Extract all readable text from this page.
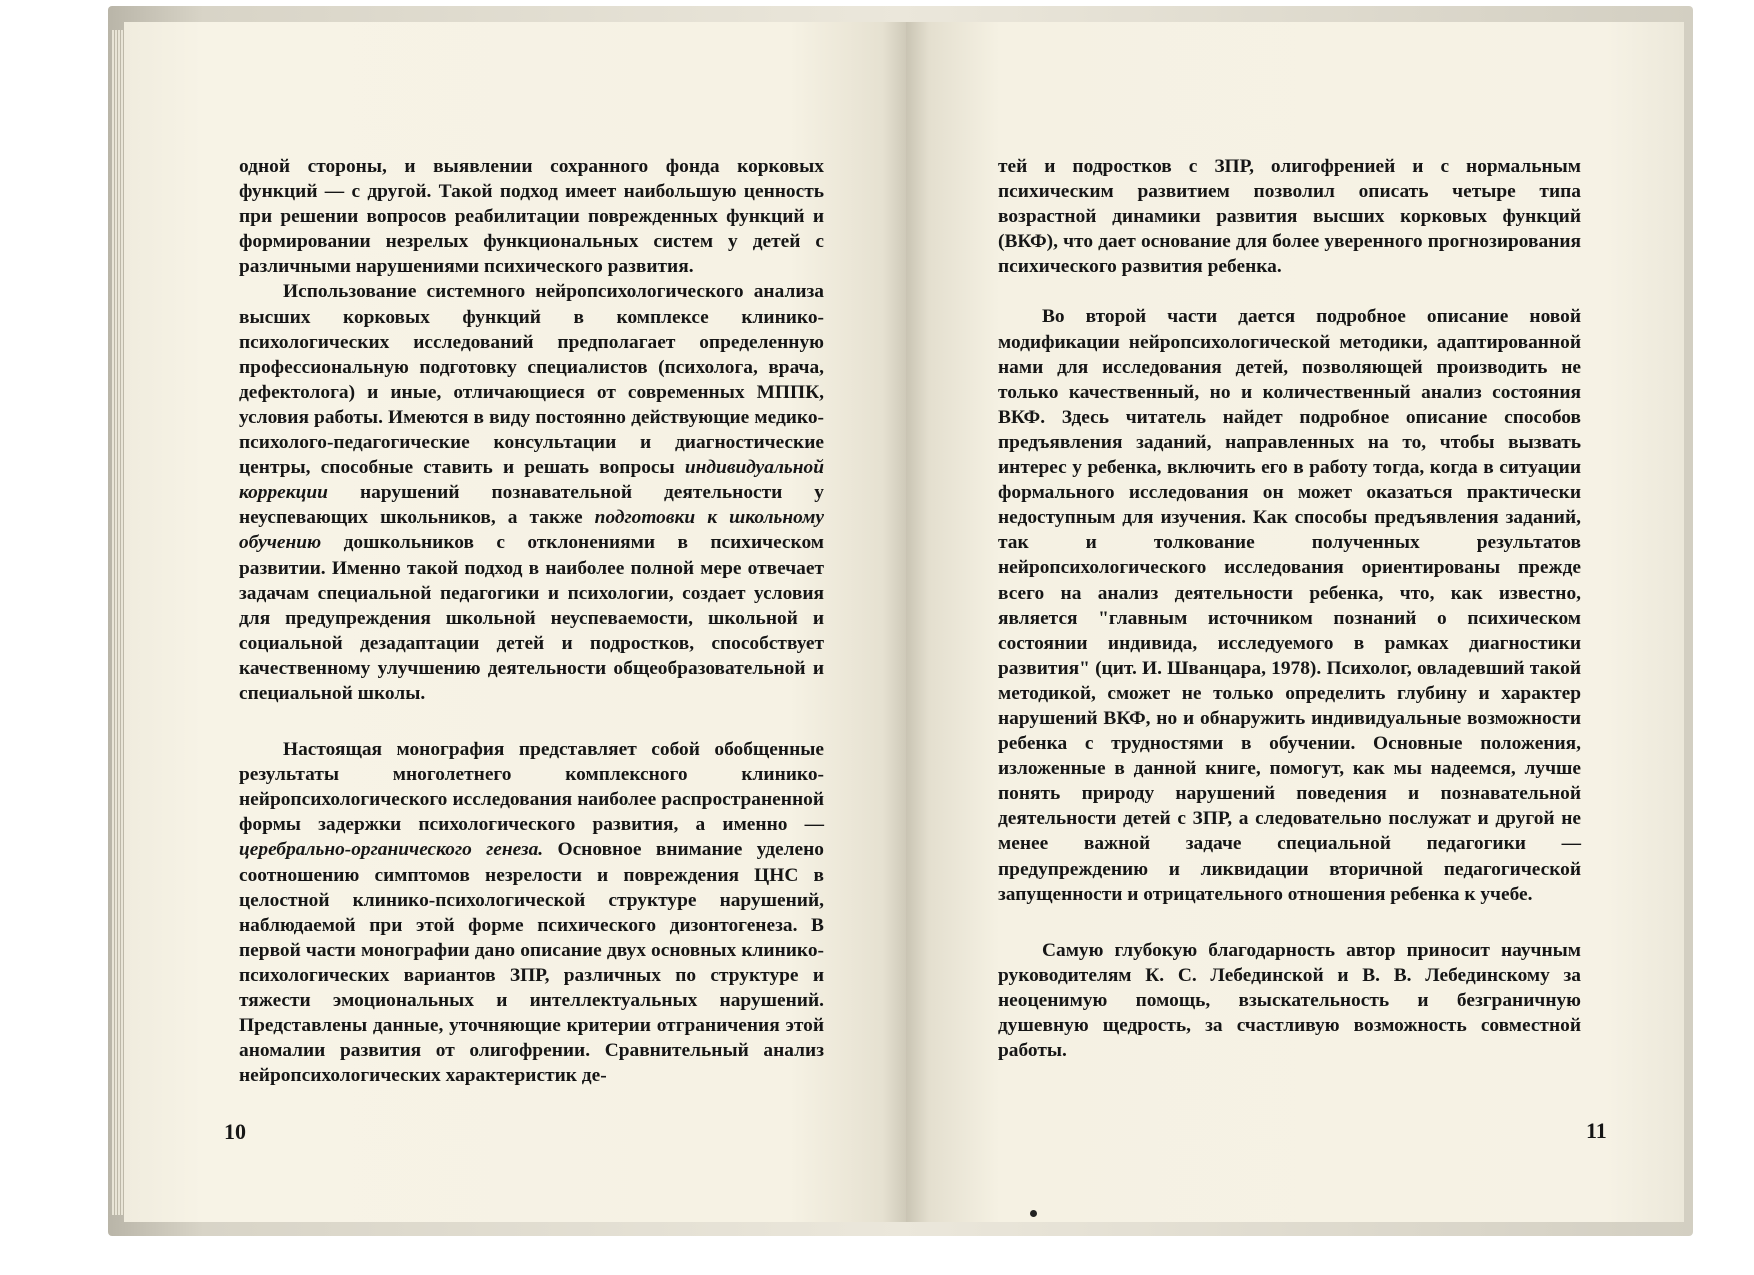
одной стороны, и выявлении сохранного фонда корковых функций — с другой. Такой подход имеет наибольшую ценность при решении вопросов реабилитации поврежденных функций и формировании незрелых функциональных систем у детей с различными нарушениями психического развития.

Использование системного нейропсихологического анализа высших корковых функций в комплексе клинико-психологических исследований предполагает определенную профессиональную подготовку специалистов (психолога, врача, дефектолога) и иные, отличающиеся от современных МППК, условия работы. Имеются в виду постоянно действующие медико-психолого-педагогические консультации и диагностические центры, способные ставить и решать вопросы индивидуальной коррекции нарушений познавательной деятельности у неуспевающих школьников, а также подготовки к школьному обучению дошкольников с отклонениями в психическом развитии. Именно такой подход в наиболее полной мере отвечает задачам специальной педагогики и психологии, создает условия для предупреждения школьной неуспеваемости, школьной и социальной дезадаптации детей и подростков, способствует качественному улучшению деятельности общеобразовательной и специальной школы.

Настоящая монография представляет собой обобщенные результаты многолетнего комплексного клинико-нейропсихологического исследования наиболее распространенной формы задержки психологического развития, а именно — церебрально-органического генеза. Основное внимание уделено соотношению симптомов незрелости и повреждения ЦНС в целостной клинико-психологической структуре нарушений, наблюдаемой при этой форме психического дизонтогенеза. В первой части монографии дано описание двух основных клинико-психологических вариантов ЗПР, различных по структуре и тяжести эмоциональных и интеллектуальных нарушений. Представлены данные, уточняющие критерии отграничения этой аномалии развития от олигофрении. Сравнительный анализ нейропсихологических характеристик де-

10

тей и подростков с ЗПР, олигофренией и с нормальным психическим развитием позволил описать четыре типа возрастной динамики развития высших корковых функций (ВКФ), что дает основание для более уверенного прогнозирования психического развития ребенка.

Во второй части дается подробное описание новой модификации нейропсихологической методики, адаптированной нами для исследования детей, позволяющей производить не только качественный, но и количественный анализ состояния ВКФ. Здесь читатель найдет подробное описание способов предъявления заданий, направленных на то, чтобы вызвать интерес у ребенка, включить его в работу тогда, когда в ситуации формального исследования он может оказаться практически недоступным для изучения. Как способы предъявления заданий, так и толкование полученных результатов нейропсихологического исследования ориентированы прежде всего на анализ деятельности ребенка, что, как известно, является "главным источником познаний о психическом состоянии индивида, исследуемого в рамках диагностики развития" (цит. И. Шванцара, 1978). Психолог, овладевший такой методикой, сможет не только определить глубину и характер нарушений ВКФ, но и обнаружить индивидуальные возможности ребенка с трудностями в обучении. Основные положения, изложенные в данной книге, помогут, как мы надеемся, лучше понять природу нарушений поведения и познавательной деятельности детей с ЗПР, а следовательно послужат и другой не менее важной задаче специальной педагогики — предупреждению и ликвидации вторичной педагогической запущенности и отрицательного отношения ребенка к учебе.

Самую глубокую благодарность автор приносит научным руководителям К. С. Лебединской и В. В. Лебединскому за неоценимую помощь, взыскательность и безграничную душевную щедрость, за счастливую возможность совместной работы.

11
